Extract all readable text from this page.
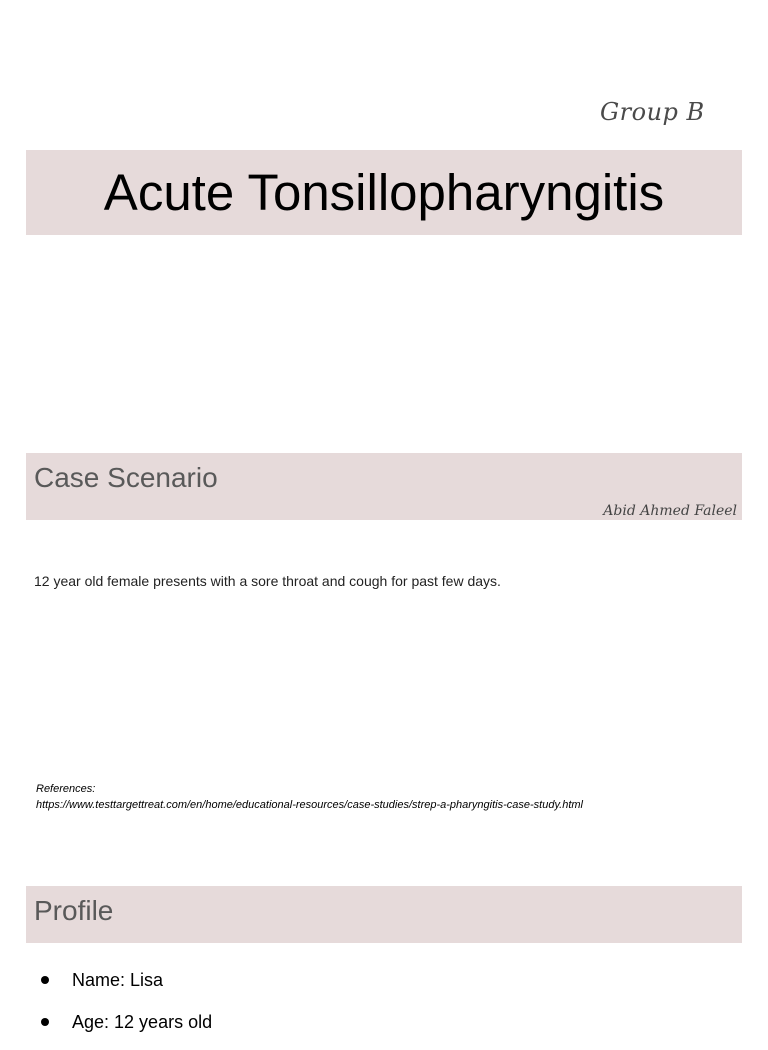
Group B
Acute Tonsillopharyngitis
Case Scenario
Abid Ahmed Faleel
12 year old female presents with a sore throat and cough for past few days.
References:
https://www.testtargettreat.com/en/home/educational-resources/case-studies/strep-a-pharyngitis-case-study.html
Profile
Name: Lisa
Age: 12 years old
